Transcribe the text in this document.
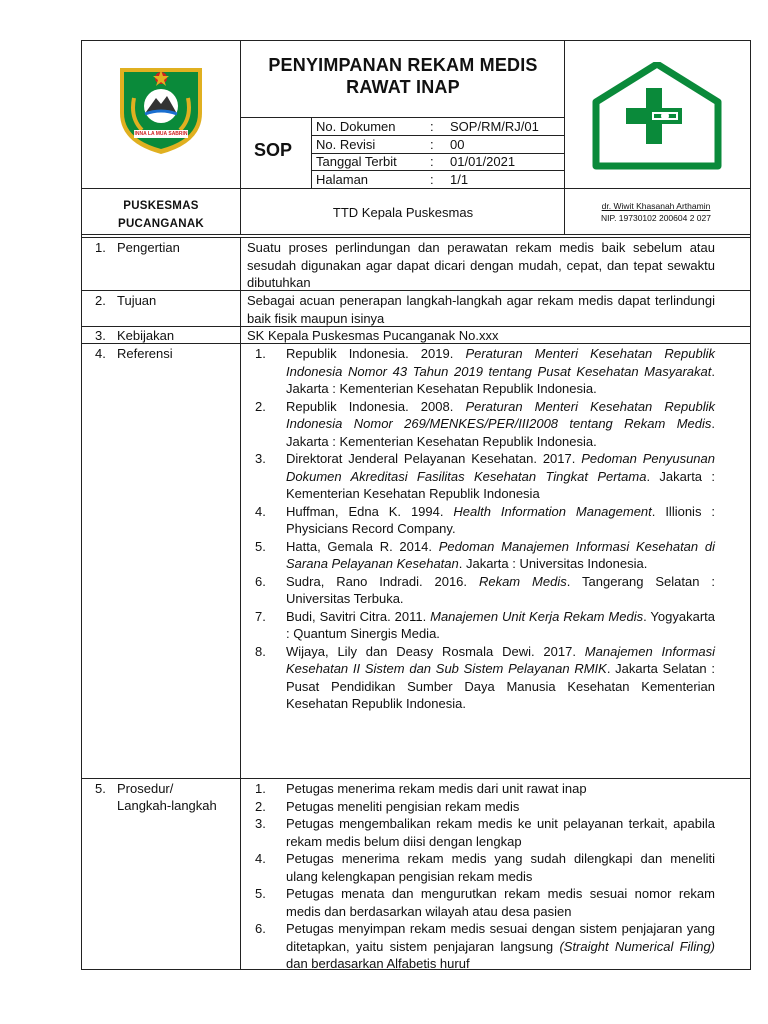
INNA LA MUA SABRIN
PENYIMPANAN REKAM MEDIS
RAWAT INAP
SOP
No. Dokumen	: SOP/RM/RJ/01
No. Revisi	: 00
Tanggal Terbit	: 01/01/2021
Halaman	: 1/1
PUSKESMAS
PUCANGANAK
TTD Kepala Puskesmas	dr. Wiwit Khasanah Arthamin
NIP. 19730102 200604 2 027
1. Pengertian	Suatu proses perlindungan dan perawatan rekam medis baik sebelum atau sesudah digunakan agar dapat dicari dengan mudah, cepat, dan tepat sewaktu dibutuhkan
2. Tujuan	Sebagai acuan penerapan langkah-langkah agar rekam medis dapat terlindungi baik fisik maupun isinya
3. Kebijakan	SK Kepala Puskesmas Pucanganak No.xxx
4. Referensi	1. Republik Indonesia. 2019. Peraturan Menteri Kesehatan Republik Indonesia Nomor 43 Tahun 2019 tentang Pusat Kesehatan Masyarakat. Jakarta : Kementerian Kesehatan Republik Indonesia.
2. Republik Indonesia. 2008. Peraturan Menteri Kesehatan Republik Indonesia Nomor 269/MENKES/PER/III2008 tentang Rekam Medis. Jakarta : Kementerian Kesehatan Republik Indonesia.
3. Direktorat Jenderal Pelayanan Kesehatan. 2017. Pedoman Penyusunan Dokumen Akreditasi Fasilitas Kesehatan Tingkat Pertama. Jakarta : Kementerian Kesehatan Republik Indonesia
4. Huffman, Edna K. 1994. Health Information Management. Illionis : Physicians Record Company.
5. Hatta, Gemala R. 2014. Pedoman Manajemen Informasi Kesehatan di Sarana Pelayanan Kesehatan. Jakarta : Universitas Indonesia.
6. Sudra, Rano Indradi. 2016. Rekam Medis. Tangerang Selatan : Universitas Terbuka.
7. Budi, Savitri Citra. 2011. Manajemen Unit Kerja Rekam Medis. Yogyakarta : Quantum Sinergis Media.
8. Wijaya, Lily dan Deasy Rosmala Dewi. 2017. Manajemen Informasi Kesehatan II Sistem dan Sub Sistem Pelayanan RMIK. Jakarta Selatan : Pusat Pendidikan Sumber Daya Manusia Kesehatan Kementerian Kesehatan Republik Indonesia.
5. Prosedur/
Langkah-langkah
1. Petugas menerima rekam medis dari unit rawat inap
2. Petugas meneliti pengisian rekam medis
3. Petugas mengembalikan rekam medis ke unit pelayanan terkait, apabila rekam medis belum diisi dengan lengkap
4. Petugas menerima rekam medis yang sudah dilengkapi dan meneliti ulang kelengkapan pengisian rekam medis
5. Petugas menata dan mengurutkan rekam medis sesuai nomor rekam medis dan berdasarkan wilayah atau desa pasien
6. Petugas menyimpan rekam medis sesuai dengan sistem penjajaran yang ditetapkan, yaitu sistem penjajaran langsung (Straight Numerical Filing) dan berdasarkan Alfabetis huruf
